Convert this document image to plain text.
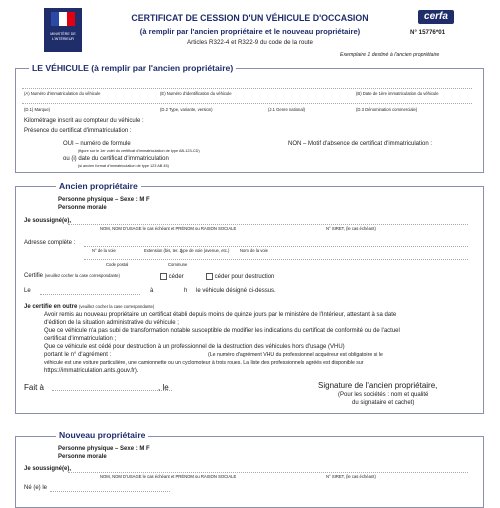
MINISTÈRE DE L'INTÉRIEUR
CERTIFICAT DE CESSION D'UN VÉHICULE D'OCCASION
(à remplir par l'ancien propriétaire et le nouveau propriétaire)
Articles R322-4 et R322-9 du code de la route
cerfa
N° 15776*01
Exemplaire 1 destiné à l'ancien propriétaire
LE VÉHICULE (à remplir par l'ancien propriétaire)
(A) Numéro d'immatriculation du véhicule	(E) Numéro d'identification du véhicule	(B) Date de 1ère immatriculation du véhicule
(D.1) Marque)	(D.2 Type, variante, version)	(J.1 Genre national)	(D.3 Dénomination commerciale)
Kilométrage inscrit au compteur du véhicule :
Présence du certificat d'immatriculation :
OUI – numéro de formule
(figure sur le 1er volet du certificat d'immatriculation de type AB-123-CD)
ou (i) date du certificat d'immatriculation
(si ancien format d'immatriculation de type 123 AB 45)
NON – Motif d'absence de certificat d'immatriculation :
Ancien propriétaire
Personne physique – Sexe : M F
Personne morale
Je soussigné(e),
NOM, NOM D'USAGE le cas échéant et PRÉNOM ou RAISON SOCIALE	N° SIRET, (le cas échéant)
Adresse complète :
N° de la voie	Extension (bis, ter...)
type de voie (avenue, etc.)	Nom de la voie
Code postal	Commune
Certifie (veuillez cocher la case correspondante)	céder	céder pour destruction
Le	à	h le véhicule désigné ci-dessus.
Je certifie en outre (veuillez cocher la case correspondante)
Avoir remis au nouveau propriétaire un certificat établi depuis moins de quinze jours par le ministère de l'Intérieur, attestant à sa date
d'édition de la situation administrative du véhicule ;
Que ce véhicule n'a pas subi de transformation notable susceptible de modifier les indications du certificat de conformité ou de l'actuel
certificat d'immatriculation ;
Que ce véhicule est cédé pour destruction à un professionnel de la destruction des véhicules hors d'usage (VHU)
portant le n° d'agrément :	(Le numéro d'agrément VHU du professionnel acquéreur est obligatoire si le
véhicule est une voiture particulière, une camionnette ou un cyclomoteur à trois roues. La liste des professionnels agréés est disponible sur
https://immatriculation.ants.gouv.fr).
Fait à	, le	Signature de l'ancien propriétaire,
(Pour les sociétés : nom et qualité
du signataire et cachet)
Nouveau propriétaire
Personne physique – Sexe : M F
Personne morale
Je soussigné(e),
NOM, NOM D'USAGE le cas échéant et PRÉNOM ou RAISON SOCIALE	N° SIRET, (le cas échéant)
Né (e) le
